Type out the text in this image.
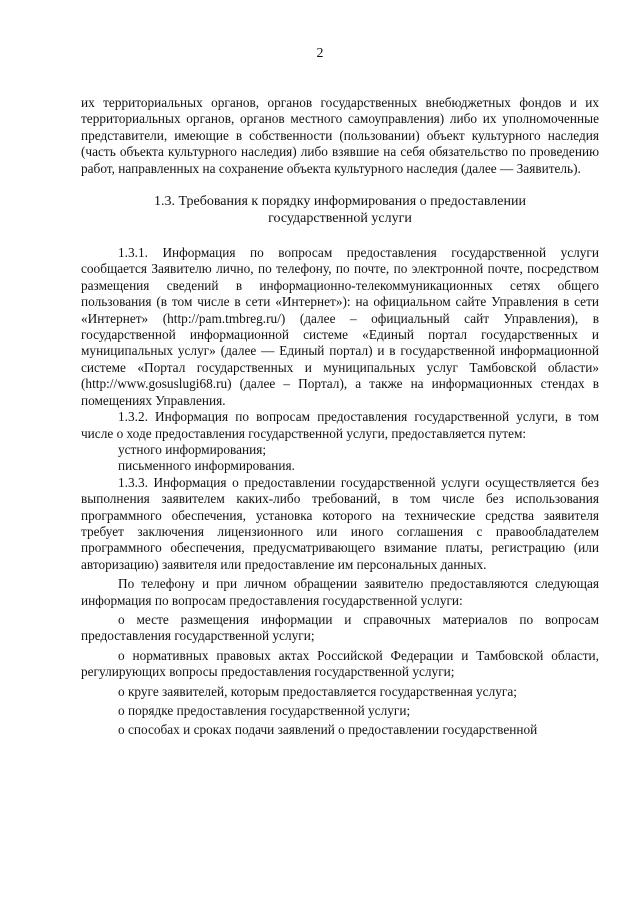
2

их территориальных органов, органов государственных внебюджетных фондов и их территориальных органов, органов местного самоуправления) либо их уполномоченные представители, имеющие в собственности (пользовании) объект культурного наследия (часть объекта культурного наследия) либо взявшие на себя обязательство по проведению работ, направленных на сохранение объекта культурного наследия (далее — Заявитель).

1.3. Требования к порядку информирования о предоставлении
государственной услуги

1.3.1. Информация по вопросам предоставления государственной услуги сообщается Заявителю лично, по телефону, по почте, по электронной почте, посредством размещения сведений в информационно-телекоммуникационных сетях общего пользования (в том числе в сети «Интернет»): на официальном сайте Управления в сети «Интернет» (http://pam.tmbreg.ru/) (далее – официальный сайт Управления), в государственной информационной системе «Единый портал государственных и муниципальных услуг» (далее — Единый портал) и в государственной информационной системе «Портал государственных и муниципальных услуг Тамбовской области» (http://www.gosuslugi68.ru) (далее – Портал), а также на информационных стендах в помещениях Управления.

1.3.2. Информация по вопросам предоставления государственной услуги, в том числе о ходе предоставления государственной услуги, предоставляется путем:

устного информирования;

письменного информирования.

1.3.3. Информация о предоставлении государственной услуги осуществляется без выполнения заявителем каких-либо требований, в том числе без использования программного обеспечения, установка которого на технические средства заявителя требует заключения лицензионного или иного соглашения с правообладателем программного обеспечения, предусматривающего взимание платы, регистрацию (или авторизацию) заявителя или предоставление им персональных данных.

По телефону и при личном обращении заявителю предоставляются следующая информация по вопросам предоставления государственной услуги:

о месте размещения информации и справочных материалов по вопросам предоставления государственной услуги;

о нормативных правовых актах Российской Федерации и Тамбовской области, регулирующих вопросы предоставления государственной услуги;

о круге заявителей, которым предоставляется государственная услуга;

о порядке предоставления государственной услуги;

о способах и сроках подачи заявлений о предоставлении государственной
